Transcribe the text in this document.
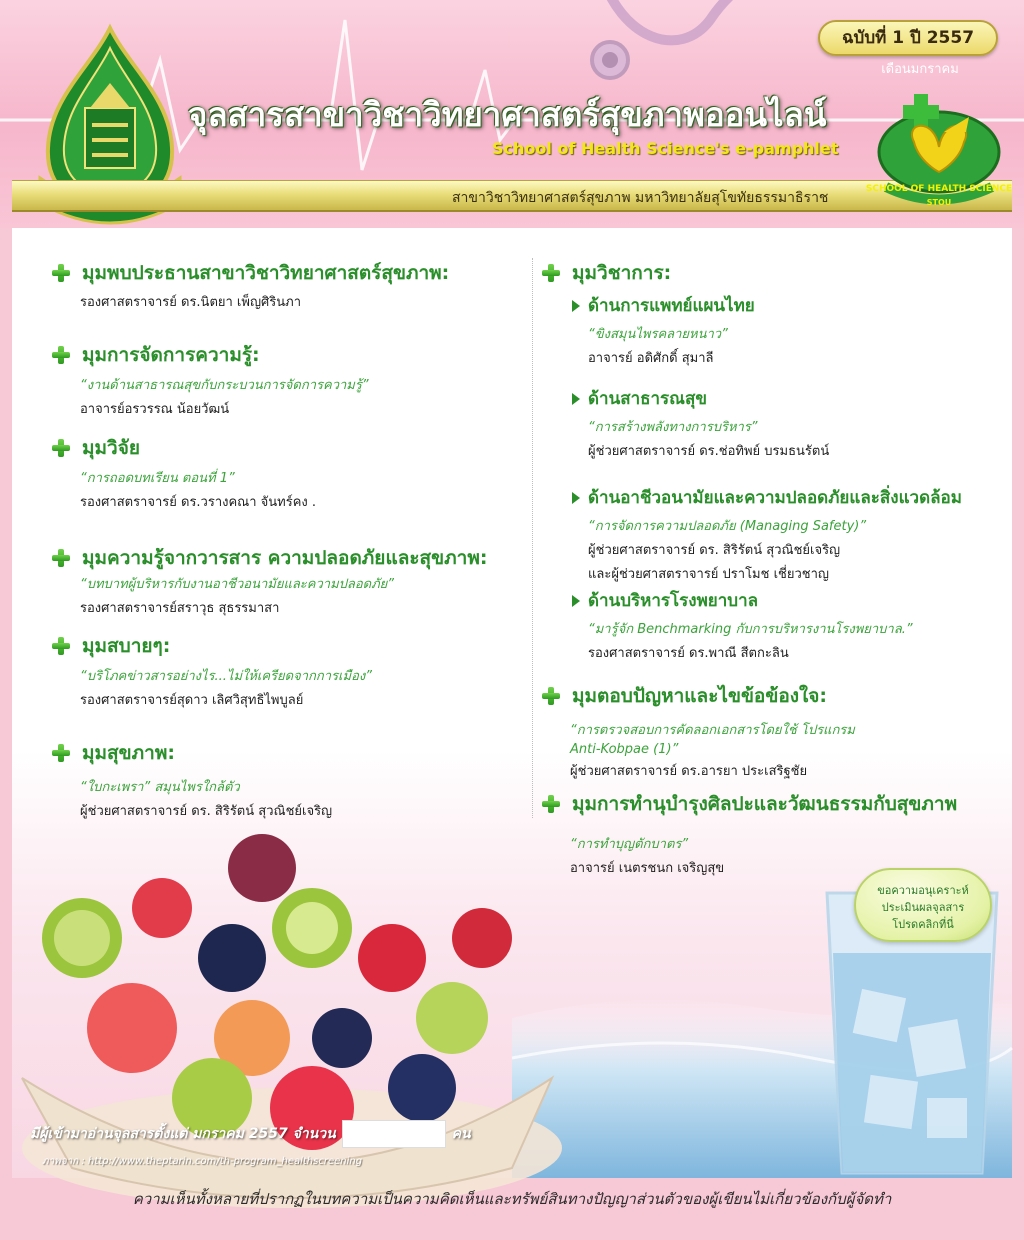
ฉบับที่ 1 ปี 2557
เดือนมกราคม
จุลสารสาขาวิชาวิทยาศาสตร์สุขภาพออนไลน์
School of Health Science's e-pamphlet
สาขาวิชาวิทยาศาสตร์สุขภาพ มหาวิทยาลัยสุโขทัยธรรมาธิราช
SCHOOL OF HEALTH SCIENCE
STOU
มุมพบประธานสาขาวิชาวิทยาศาสตร์สุขภาพ:
รองศาสตราจารย์ ดร.นิตยา เพ็ญศิรินภา
มุมการจัดการความรู้:
“งานด้านสาธารณสุขกับกระบวนการจัดการความรู้”
อาจารย์อรวรรณ น้อยวัฒน์
มุมวิจัย
“การถอดบทเรียน ตอนที่ 1”
รองศาสตราจารย์ ดร.วรางคณา จันทร์คง .
มุมความรู้จากวารสาร ความปลอดภัยและสุขภาพ:
“บทบาทผู้บริหารกับงานอาชีวอนามัยและความปลอดภัย”
รองศาสตราจารย์สราวุธ สุธรรมาสา
มุมสบายๆ:
“บริโภคข่าวสารอย่างไร...ไม่ให้เครียดจากการเมือง”
รองศาสตราจารย์สุดาว เลิศวิสุทธิไพบูลย์
มุมสุขภาพ:
“ใบกะเพรา” สมุนไพรใกล้ตัว
ผู้ช่วยศาสตราจารย์ ดร. สิริรัตน์ สุวณิชย์เจริญ
มุมวิชาการ:
ด้านการแพทย์แผนไทย
“ขิงสมุนไพรคลายหนาว”
อาจารย์ อดิศักดิ์ สุมาลี
ด้านสาธารณสุข
“การสร้างพลังทางการบริหาร”
ผู้ช่วยศาสตราจารย์ ดร.ช่อทิพย์ บรมธนรัตน์
ด้านอาชีวอนามัยและความปลอดภัยและสิ่งแวดล้อม
“การจัดการความปลอดภัย (Managing Safety)”
ผู้ช่วยศาสตราจารย์ ดร. สิริรัตน์ สุวณิชย์เจริญ
และผู้ช่วยศาสตราจารย์ ปราโมช เชี่ยวชาญ
ด้านบริหารโรงพยาบาล
“มารู้จัก Benchmarking กับการบริหารงานโรงพยาบาล.”
รองศาสตราจารย์ ดร.พาณี สีตกะลิน
มุมตอบปัญหาและไขข้อข้องใจ:
“การตรวจสอบการคัดลอกเอกสารโดยใช้ โปรแกรม
Anti-Kobpae (1)”
ผู้ช่วยศาสตราจารย์ ดร.อารยา ประเสริฐชัย
มุมการทำนุบำรุงศิลปะและวัฒนธรรมกับสุขภาพ
“การทำบุญตักบาตร”
อาจารย์ เนตรชนก เจริญสุข
ขอความอนุเคราะห์
ประเมินผลจุลสาร
โปรดคลิกที่นี่
มีผู้เข้ามาอ่านจุลสารตั้งแต่ มกราคม 2557 จำนวน	คน
ภาพจาก : http://www.theptarin.com/th-program_healthscreening
ความเห็นทั้งหลายที่ปรากฏในบทความเป็นความคิดเห็นและทรัพย์สินทางปัญญาส่วนตัวของผู้เขียนไม่เกี่ยวข้องกับผู้จัดทำ
